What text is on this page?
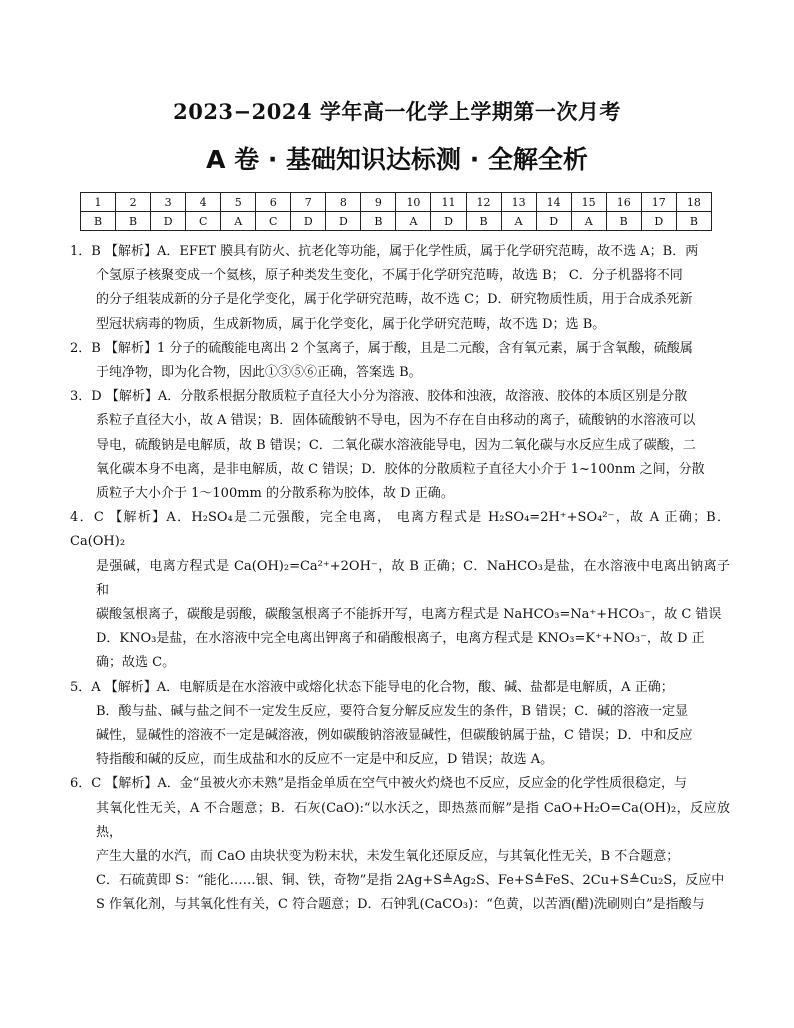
2023−2024 学年高一化学上学期第一次月考
A 卷 · 基础知识达标测 · 全解全析
1	2	3	4	5	6	7	8	9	10	11	12	13	14	15	16	17	18
B	B	D	C	A	C	D	D	B	A	D	B	A	D	A	B	D	B
1．B 【解析】A．EFET 膜具有防火、抗老化等功能，属于化学性质，属于化学研究范畴，故不选 A；B．两
个氢原子核聚变成一个氦核，原子种类发生变化，不属于化学研究范畴，故选 B； C．分子机器将不同
的分子组装成新的分子是化学变化，属于化学研究范畴，故不选 C；D．研究物质性质，用于合成杀死新
型冠状病毒的物质，生成新物质，属于化学变化，属于化学研究范畴，故不选 D；选 B。
2．B 【解析】1 分子的硫酸能电离出 2 个氢离子，属于酸，且是二元酸，含有氧元素，属于含氧酸，硫酸属
于纯净物，即为化合物，因此①③⑤⑥正确，答案选 B。
3．D 【解析】A．分散系根据分散质粒子直径大小分为溶液、胶体和浊液，故溶液、胶体的本质区别是分散
系粒子直径大小，故 A 错误；B．固体硫酸钠不导电，因为不存在自由移动的离子，硫酸钠的水溶液可以
导电，硫酸钠是电解质，故 B 错误；C．二氧化碳水溶液能导电，因为二氧化碳与水反应生成了碳酸，二
氧化碳本身不电离，是非电解质，故 C 错误；D．胶体的分散质粒子直径大小介于 1~100nm 之间，分散
质粒子大小介于 1～100mm 的分散系称为胶体，故 D 正确。
4．C 【解析】A．H₂SO₄是二元强酸，完全电离， 电离方程式是 H₂SO₄=2H⁺+SO₄²⁻，故 A 正确；B．Ca(OH)₂
是强碱，电离方程式是 Ca(OH)₂=Ca²⁺+2OH⁻，故 B 正确；C．NaHCO₃是盐，在水溶液中电离出钠离子和
碳酸氢根离子，碳酸是弱酸，碳酸氢根离子不能拆开写，电离方程式是 NaHCO₃=Na⁺+HCO₃⁻，故 C 错误
D．KNO₃是盐，在水溶液中完全电离出钾离子和硝酸根离子，电离方程式是 KNO₃=K⁺+NO₃⁻，故 D 正
确；故选 C。
5．A 【解析】A．电解质是在水溶液中或熔化状态下能导电的化合物，酸、碱、盐都是电解质，A 正确；
B．酸与盐、碱与盐之间不一定发生反应，要符合复分解反应发生的条件，B 错误；C．碱的溶液一定显
碱性，显碱性的溶液不一定是碱溶液，例如碳酸钠溶液显碱性，但碳酸钠属于盐，C 错误；D．中和反应
特指酸和碱的反应，而生成盐和水的反应不一定是中和反应，D 错误；故选 A。
6．C 【解析】A．金“虽被火亦未熟”是指金单质在空气中被火灼烧也不反应，反应金的化学性质很稳定，与
其氧化性无关，A 不合题意；B．石灰(CaO):“以水沃之，即热蒸而解”是指 CaO+H₂O=Ca(OH)₂，反应放热，
产生大量的水汽，而 CaO 由块状变为粉末状，未发生氧化还原反应，与其氧化性无关，B 不合题意；
C．石硫黄即 S：“能化……银、铜、铁，奇物”是指 2Ag+S≜Ag₂S、Fe+S≜FeS、2Cu+S≜Cu₂S，反应中
S 作氧化剂，与其氧化性有关，C 符合题意；D．石钟乳(CaCO₃)：“色黄，以苦酒(醋)洗刷则白”是指酸与
